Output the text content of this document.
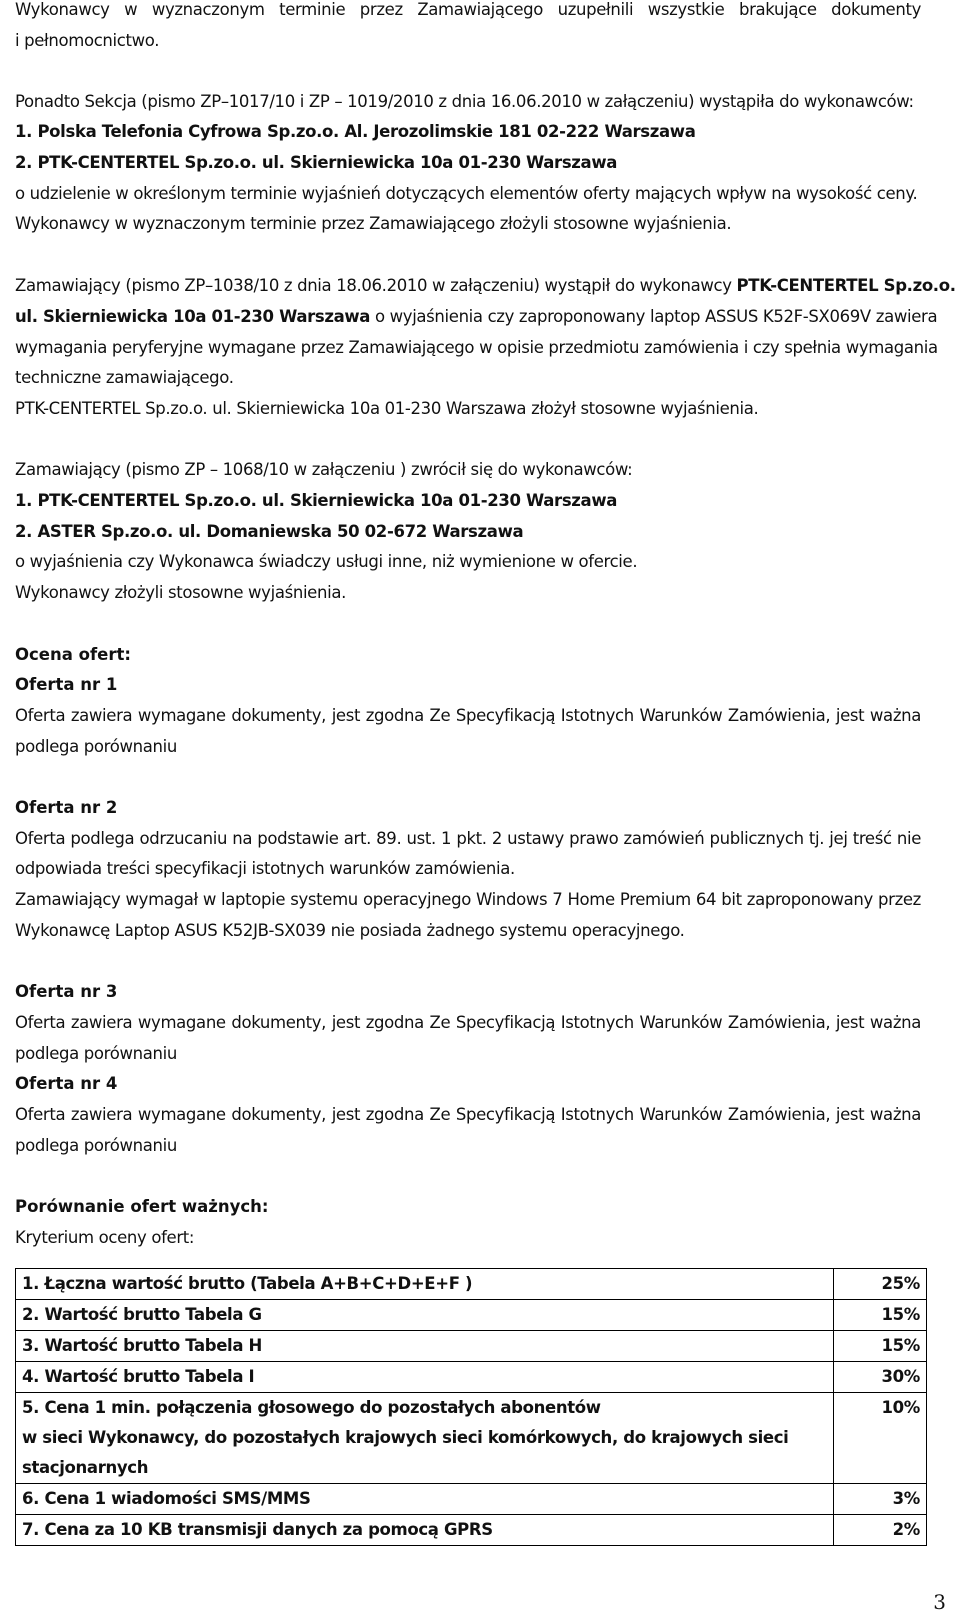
Wykonawcy w wyznaczonym terminie przez Zamawiającego uzupełnili wszystkie brakujące dokumenty
i pełnomocnictwo.
Ponadto Sekcja (pismo ZP–1017/10 i ZP – 1019/2010 z dnia 16.06.2010 w załączeniu) wystąpiła do wykonawców:
1. Polska Telefonia Cyfrowa Sp.zo.o. Al. Jerozolimskie 181 02-222 Warszawa
2. PTK-CENTERTEL Sp.zo.o. ul. Skierniewicka 10a 01-230 Warszawa
o udzielenie w określonym terminie wyjaśnień dotyczących elementów oferty mających wpływ na wysokość ceny.
Wykonawcy w wyznaczonym terminie przez Zamawiającego złożyli stosowne wyjaśnienia.
Zamawiający (pismo ZP–1038/10 z dnia 18.06.2010 w załączeniu) wystąpił do wykonawcy PTK-CENTERTEL Sp.zo.o.
ul. Skierniewicka 10a 01-230 Warszawa o wyjaśnienia czy zaproponowany laptop ASSUS K52F-SX069V zawiera
wymagania peryferyjne wymagane przez Zamawiającego w opisie przedmiotu zamówienia i czy spełnia wymagania
techniczne zamawiającego.
PTK-CENTERTEL Sp.zo.o. ul. Skierniewicka 10a 01-230 Warszawa złożył stosowne wyjaśnienia.
Zamawiający (pismo ZP – 1068/10 w załączeniu ) zwrócił się do wykonawców:
1. PTK-CENTERTEL Sp.zo.o. ul. Skierniewicka 10a 01-230 Warszawa
2. ASTER Sp.zo.o. ul. Domaniewska 50 02-672 Warszawa
o wyjaśnienia czy Wykonawca świadczy usługi inne, niż wymienione w ofercie.
Wykonawcy złożyli stosowne wyjaśnienia.
Ocena ofert:
Oferta nr 1
Oferta zawiera wymagane dokumenty, jest zgodna Ze Specyfikacją Istotnych Warunków Zamówienia, jest ważna
podlega porównaniu
Oferta nr 2
Oferta podlega odrzucaniu na podstawie art. 89. ust. 1 pkt. 2 ustawy prawo zamówień publicznych tj. jej treść nie
odpowiada treści specyfikacji istotnych warunków zamówienia.
Zamawiający wymagał w laptopie systemu operacyjnego Windows 7 Home Premium 64 bit zaproponowany przez
Wykonawcę Laptop ASUS K52JB-SX039 nie posiada żadnego systemu operacyjnego.
Oferta nr 3
Oferta zawiera wymagane dokumenty, jest zgodna Ze Specyfikacją Istotnych Warunków Zamówienia, jest ważna
podlega porównaniu
Oferta nr 4
Oferta zawiera wymagane dokumenty, jest zgodna Ze Specyfikacją Istotnych Warunków Zamówienia, jest ważna
podlega porównaniu
Porównanie ofert ważnych:
Kryterium oceny ofert:
1. Łączna wartość brutto (Tabela A+B+C+D+E+F )	25%
2. Wartość brutto Tabela G	15%
3. Wartość brutto Tabela H	15%
4. Wartość brutto Tabela I	30%

5. Cena 1 min. połączenia głosowego do pozostałych abonentów
w sieci Wykonawcy, do pozostałych krajowych sieci komórkowych, do krajowych sieci
stacjonarnych	10%
6. Cena 1 wiadomości SMS/MMS	3%
7. Cena za 10 KB transmisji danych za pomocą GPRS	2%
3
